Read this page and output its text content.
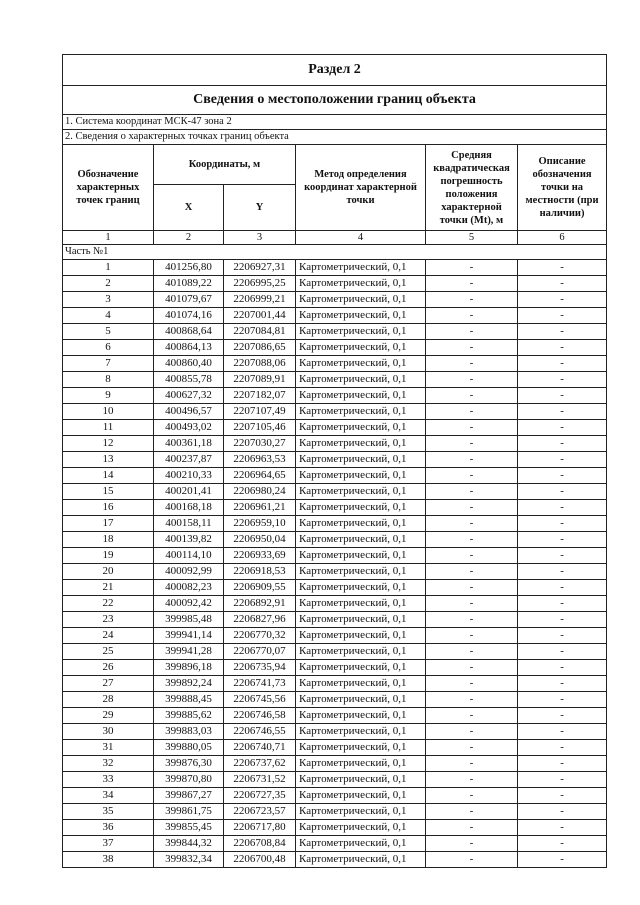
Раздел 2					
Сведения о местоположении границ объекта					
1. Система координат МСК-47 зона 2					
2. Сведения о характерных точках границ объекта					
Обозначение характерных точек границ	Координаты, м		Метод определения координат характерной точки	Средняя квадратическая погрешность положения характерной точки (Mt), м	Описание обозначения точки на местности (при наличии)
	X	Y			
1	2	3	4	5	6
Часть №1					
1	401256,80	2206927,31	Картометрический, 0,1	-	-
2	401089,22	2206995,25	Картометрический, 0,1	-	-
3	401079,67	2206999,21	Картометрический, 0,1	-	-
4	401074,16	2207001,44	Картометрический, 0,1	-	-
5	400868,64	2207084,81	Картометрический, 0,1	-	-
6	400864,13	2207086,65	Картометрический, 0,1	-	-
7	400860,40	2207088,06	Картометрический, 0,1	-	-
8	400855,78	2207089,91	Картометрический, 0,1	-	-
9	400627,32	2207182,07	Картометрический, 0,1	-	-
10	400496,57	2207107,49	Картометрический, 0,1	-	-
11	400493,02	2207105,46	Картометрический, 0,1	-	-
12	400361,18	2207030,27	Картометрический, 0,1	-	-
13	400237,87	2206963,53	Картометрический, 0,1	-	-
14	400210,33	2206964,65	Картометрический, 0,1	-	-
15	400201,41	2206980,24	Картометрический, 0,1	-	-
16	400168,18	2206961,21	Картометрический, 0,1	-	-
17	400158,11	2206959,10	Картометрический, 0,1	-	-
18	400139,82	2206950,04	Картометрический, 0,1	-	-
19	400114,10	2206933,69	Картометрический, 0,1	-	-
20	400092,99	2206918,53	Картометрический, 0,1	-	-
21	400082,23	2206909,55	Картометрический, 0,1	-	-
22	400092,42	2206892,91	Картометрический, 0,1	-	-
23	399985,48	2206827,96	Картометрический, 0,1	-	-
24	399941,14	2206770,32	Картометрический, 0,1	-	-
25	399941,28	2206770,07	Картометрический, 0,1	-	-
26	399896,18	2206735,94	Картометрический, 0,1	-	-
27	399892,24	2206741,73	Картометрический, 0,1	-	-
28	399888,45	2206745,56	Картометрический, 0,1	-	-
29	399885,62	2206746,58	Картометрический, 0,1	-	-
30	399883,03	2206746,55	Картометрический, 0,1	-	-
31	399880,05	2206740,71	Картометрический, 0,1	-	-
32	399876,30	2206737,62	Картометрический, 0,1	-	-
33	399870,80	2206731,52	Картометрический, 0,1	-	-
34	399867,27	2206727,35	Картометрический, 0,1	-	-
35	399861,75	2206723,57	Картометрический, 0,1	-	-
36	399855,45	2206717,80	Картометрический, 0,1	-	-
37	399844,32	2206708,84	Картометрический, 0,1	-	-
38	399832,34	2206700,48	Картометрический, 0,1	-	-
